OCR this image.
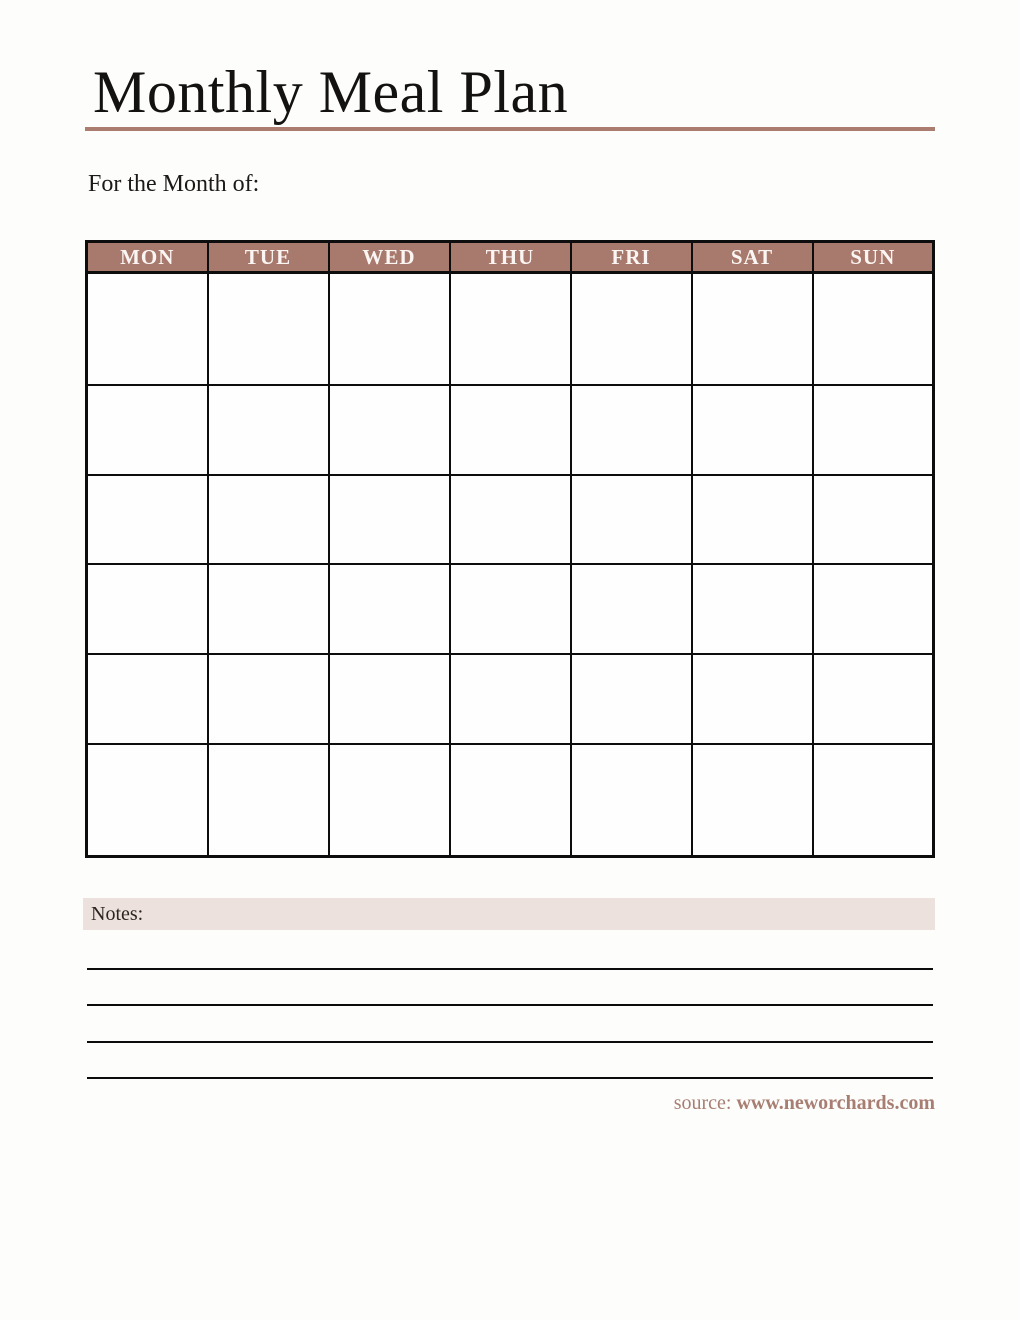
Monthly Meal Plan
For the Month of:
MON	TUE	WED	THU	FRI	SAT	SUN

Notes:
source: www.neworchards.com
